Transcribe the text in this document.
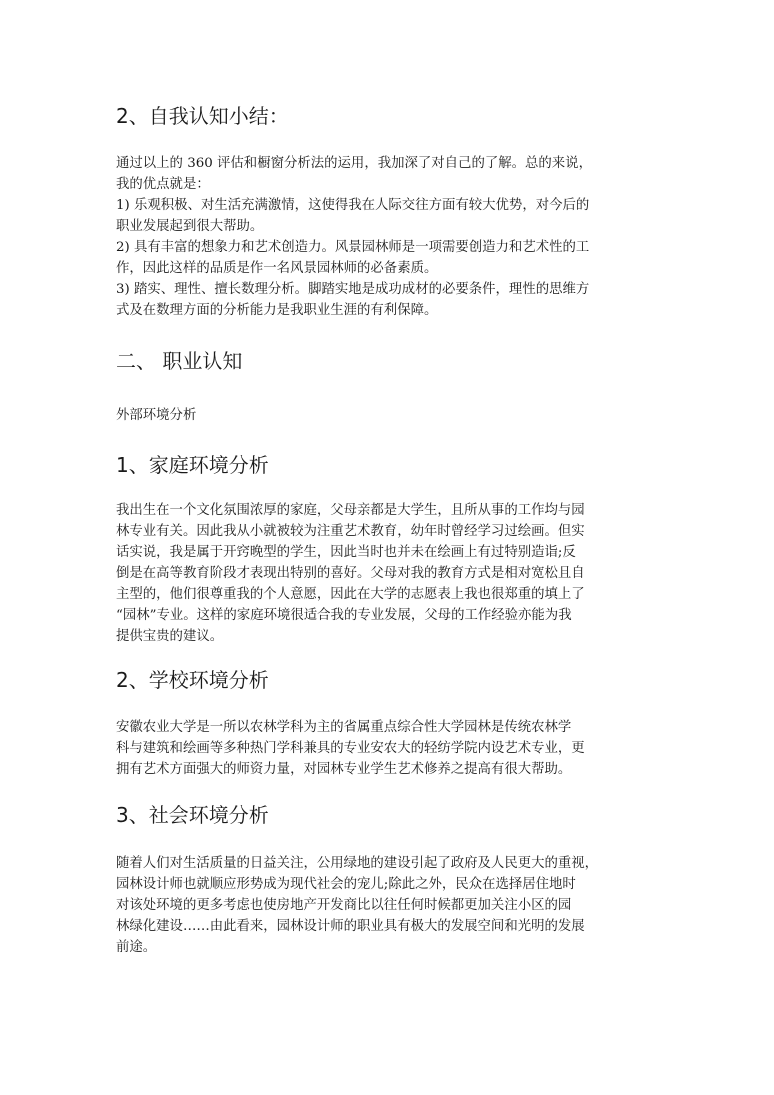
2、自我认知小结：
通过以上的 360 评估和橱窗分析法的运用，我加深了对自己的了解。总的来说，
我的优点就是：
1) 乐观积极、对生活充满激情，这使得我在人际交往方面有较大优势，对今后的
职业发展起到很大帮助。
2) 具有丰富的想象力和艺术创造力。风景园林师是一项需要创造力和艺术性的工
作，因此这样的品质是作一名风景园林师的必备素质。
3) 踏实、理性、擅长数理分析。脚踏实地是成功成材的必要条件，理性的思维方
式及在数理方面的分析能力是我职业生涯的有利保障。
二、 职业认知

外部环境分析

1、家庭环境分析
我出生在一个文化氛围浓厚的家庭，父母亲都是大学生，且所从事的工作均与园
林专业有关。因此我从小就被较为注重艺术教育，幼年时曾经学习过绘画。但实
话实说，我是属于开窍晚型的学生，因此当时也并未在绘画上有过特别造诣;反
倒是在高等教育阶段才表现出特别的喜好。父母对我的教育方式是相对宽松且自
主型的，他们很尊重我的个人意愿，因此在大学的志愿表上我也很郑重的填上了
“园林”专业。这样的家庭环境很适合我的专业发展，父母的工作经验亦能为我
提供宝贵的建议。
2、学校环境分析
安徽农业大学是一所以农林学科为主的省属重点综合性大学园林是传统农林学
科与建筑和绘画等多种热门学科兼具的专业安农大的轻纺学院内设艺术专业，更
拥有艺术方面强大的师资力量，对园林专业学生艺术修养之提高有很大帮助。
3、社会环境分析
随着人们对生活质量的日益关注，公用绿地的建设引起了政府及人民更大的重视，
园林设计师也就顺应形势成为现代社会的宠儿;除此之外，民众在选择居住地时
对该处环境的更多考虑也使房地产开发商比以往任何时候都更加关注小区的园
林绿化建设……由此看来，园林设计师的职业具有极大的发展空间和光明的发展
前途。
